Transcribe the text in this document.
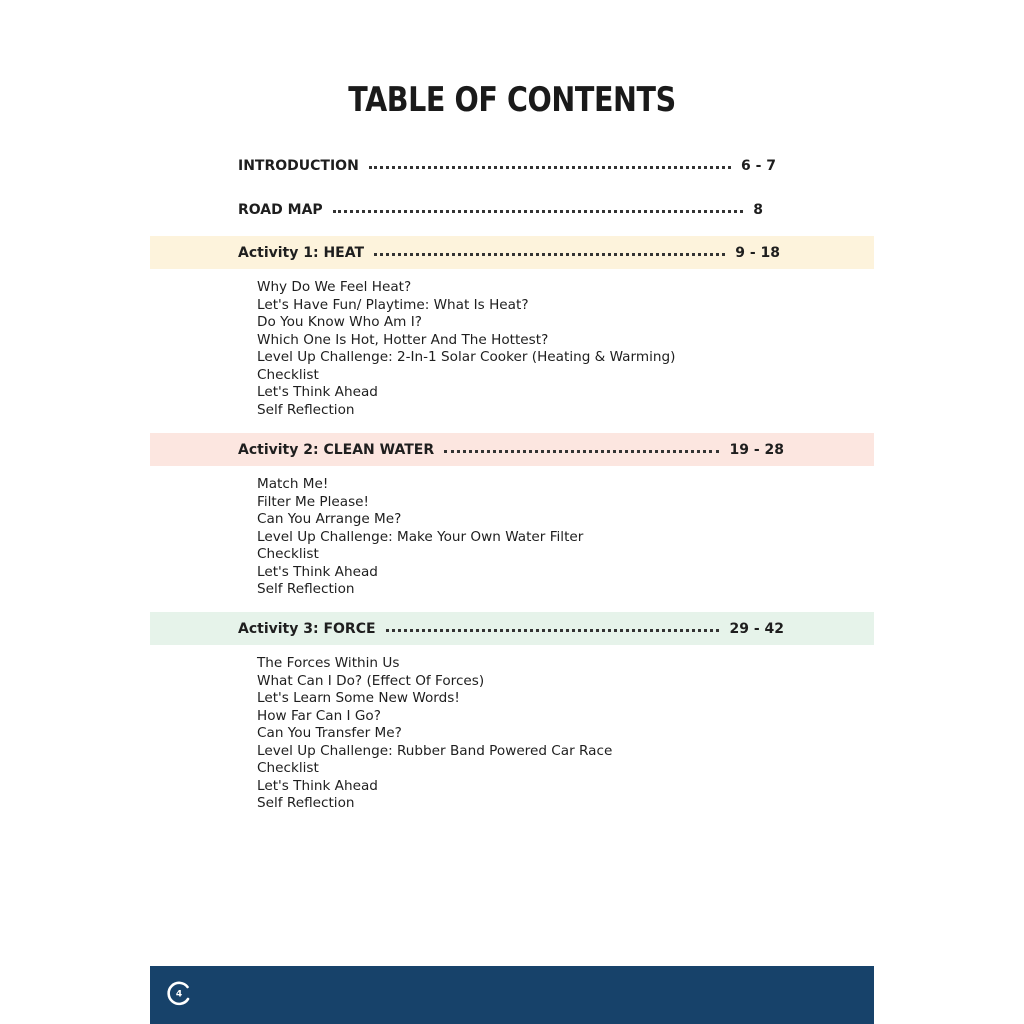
TABLE OF CONTENTS
INTRODUCTION	6 - 7
ROAD MAP	8
Activity 1: HEAT	9 - 18
Why Do We Feel Heat?
Let's Have Fun/ Playtime: What Is Heat?
Do You Know Who Am I?
Which One Is Hot, Hotter And The Hottest?
Level Up Challenge: 2-In-1 Solar Cooker (Heating & Warming)
Checklist
Let's Think Ahead
Self Reflection
Activity 2: CLEAN WATER	19 - 28
Match Me!
Filter Me Please!
Can You Arrange Me?
Level Up Challenge: Make Your Own Water Filter
Checklist
Let's Think Ahead
Self Reflection
Activity 3: FORCE	29 - 42
The Forces Within Us
What Can I Do? (Effect Of Forces)
Let's Learn Some New Words!
How Far Can I Go?
Can You Transfer Me?
Level Up Challenge: Rubber Band Powered Car Race
Checklist
Let's Think Ahead
Self Reflection
4
